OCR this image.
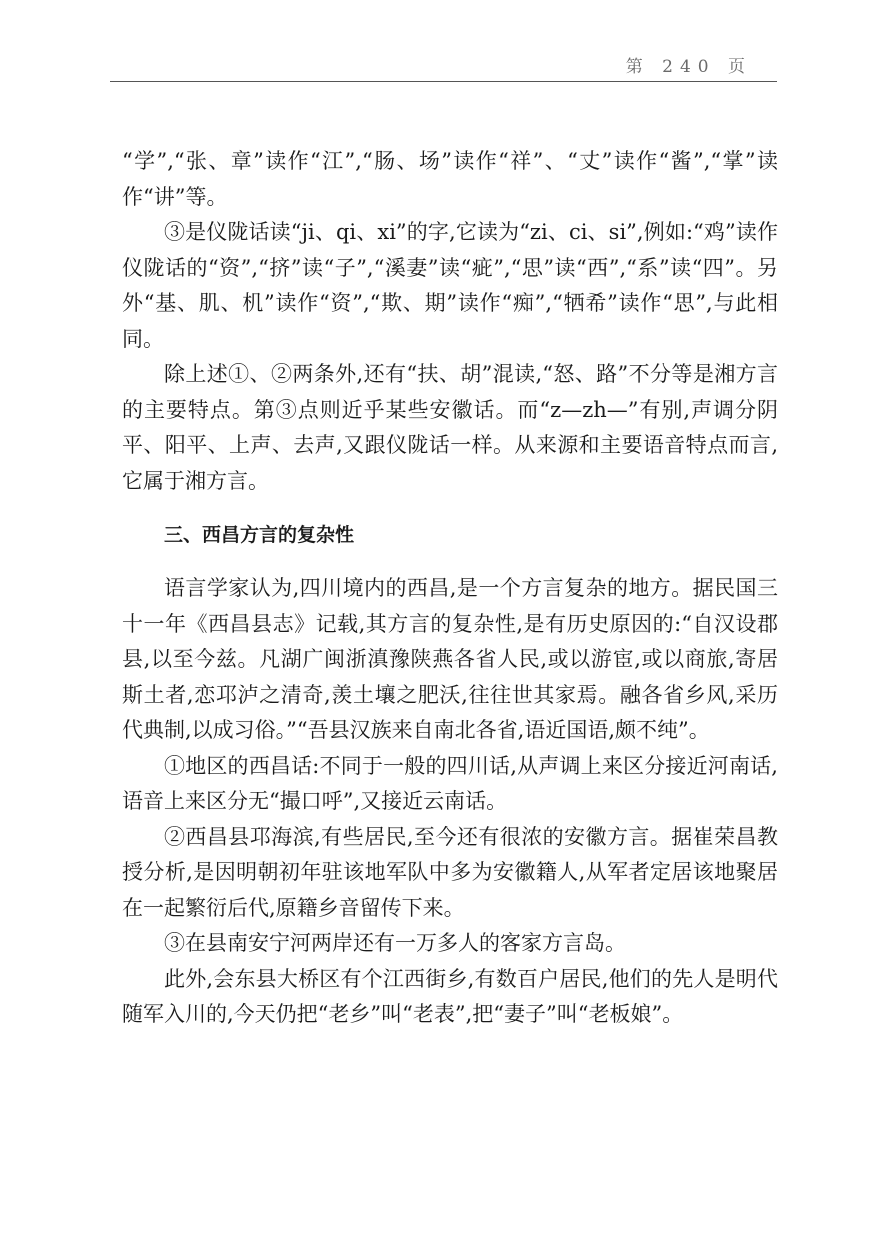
第 240 页

“学”,“张、章”读作“江”,“肠、场”读作“祥”、“丈”读作“酱”,“掌”读作“讲”等。

③是仪陇话读“ji、qi、xi”的字,它读为“zi、ci、si”,例如:“鸡”读作仪陇话的“资”,“挤”读“子”,“溪妻”读“疵”,“思”读“西”,“系”读“四”。另外“基、肌、机”读作“资”,“欺、期”读作“痴”,“牺希”读作“思”,与此相同。

除上述①、②两条外,还有“扶、胡”混读,“怒、路”不分等是湘方言的主要特点。第③点则近乎某些安徽话。而“z—zh—”有别,声调分阴平、阳平、上声、去声,又跟仪陇话一样。从来源和主要语音特点而言,它属于湘方言。

三、西昌方言的复杂性

语言学家认为,四川境内的西昌,是一个方言复杂的地方。据民国三十一年《西昌县志》记载,其方言的复杂性,是有历史原因的:“自汉设郡县,以至今兹。凡湖广闽浙滇豫陕燕各省人民,或以游宦,或以商旅,寄居斯土者,恋邛泸之清奇,羡土壤之肥沃,往往世其家焉。融各省乡风,采历代典制,以成习俗。”“吾县汉族来自南北各省,语近国语,颇不纯”。

①地区的西昌话:不同于一般的四川话,从声调上来区分接近河南话,语音上来区分无“撮口呼”,又接近云南话。

②西昌县邛海滨,有些居民,至今还有很浓的安徽方言。据崔荣昌教授分析,是因明朝初年驻该地军队中多为安徽籍人,从军者定居该地聚居在一起繁衍后代,原籍乡音留传下来。

③在县南安宁河两岸还有一万多人的客家方言岛。

此外,会东县大桥区有个江西街乡,有数百户居民,他们的先人是明代随军入川的,今天仍把“老乡”叫“老表”,把“妻子”叫“老板娘”。
